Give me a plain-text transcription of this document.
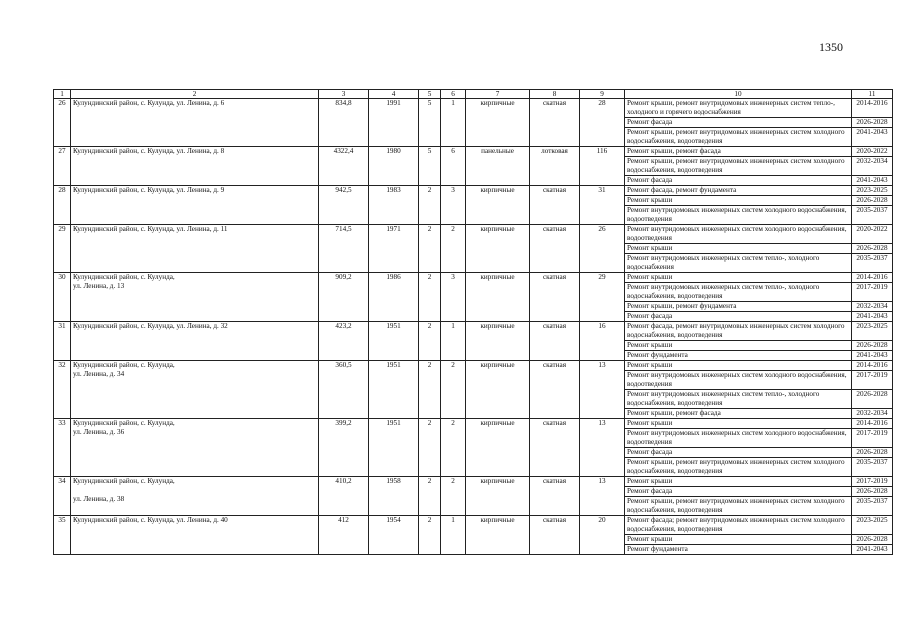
1350
1	2	3	4	5	6	7	8	9	10	11
26	Кулундинский район, с. Кулунда, ул. Ленина, д. 6	834,8	1991	5	1	кирпичные	скатная	28	Ремонт крыши, ремонт внутридомовых инженерных систем тепло-, холодного и горячего водоснабжения	2014-2016
									Ремонт фасада	2026-2028
									Ремонт крыши, ремонт внутридомовых инженерных систем холодного водоснабжения, водоотведения	2041-2043
27	Кулундинский район, с. Кулунда, ул. Ленина, д. 8	4322,4	1980	5	6	панельные	лотковая	116	Ремонт крыши, ремонт фасада	2020-2022
									Ремонт крыши, ремонт внутридомовых инженерных систем холодного водоснабжения, водоотведения	2032-2034
									Ремонт фасада	2041-2043
28	Кулундинский район, с. Кулунда, ул. Ленина, д. 9	942,5	1983	2	3	кирпичные	скатная	31	Ремонт фасада, ремонт фундамента	2023-2025
									Ремонт крыши	2026-2028
									Ремонт внутридомовых инженерных систем холодного водоснабжения, водоотведения	2035-2037
29	Кулундинский район, с. Кулунда, ул. Ленина, д. 11	714,5	1971	2	2	кирпичные	скатная	26	Ремонт внутридомовых инженерных систем холодного водоснабжения, водоотведения	2020-2022
									Ремонт крыши	2026-2028
									Ремонт внутридомовых инженерных систем тепло-, холодного водоснабжения	2035-2037
30	Кулундинский район, с. Кулунда,
ул. Ленина, д. 13	909,2	1986	2	3	кирпичные	скатная	29	Ремонт крыши	2014-2016
									Ремонт внутридомовых инженерных систем тепло-, холодного водоснабжения, водоотведения	2017-2019
									Ремонт крыши, ремонт фундамента	2032-2034
									Ремонт фасада	2041-2043
31	Кулундинский район, с. Кулунда, ул. Ленина, д. 32	423,2	1951	2	1	кирпичные	скатная	16	Ремонт фасада, ремонт внутридомовых инженерных систем холодного водоснабжения, водоотведения	2023-2025
									Ремонт крыши	2026-2028
									Ремонт фундамента	2041-2043
32	Кулундинский район, с. Кулунда,
ул. Ленина, д. 34	360,5	1951	2	2	кирпичные	скатная	13	Ремонт крыши	2014-2016
									Ремонт внутридомовых инженерных систем холодного водоснабжения, водоотведения	2017-2019
									Ремонт внутридомовых инженерных систем тепло-, холодного водоснабжения, водоотведения	2026-2028
									Ремонт крыши, ремонт фасада	2032-2034
33	Кулундинский район, с. Кулунда,
ул. Ленина, д. 36	399,2	1951	2	2	кирпичные	скатная	13	Ремонт крыши	2014-2016
									Ремонт внутридомовых инженерных систем холодного водоснабжения, водоотведения	2017-2019
									Ремонт фасада	2026-2028
									Ремонт крыши, ремонт внутридомовых инженерных систем холодного водоснабжения, водоотведения	2035-2037
34	Кулундинский район, с. Кулунда,

ул. Ленина, д. 38	410,2	1958	2	2	кирпичные	скатная	13	Ремонт крыши	2017-2019
									Ремонт фасада	2026-2028
									Ремонт крыши, ремонт внутридомовых инженерных систем холодного водоснабжения, водоотведения	2035-2037
35	Кулундинский район, с. Кулунда, ул. Ленина, д. 40	412	1954	2	1	кирпичные	скатная	20	Ремонт фасада; ремонт внутридомовых инженерных систем холодного водоснабжения, водоотведения	2023-2025
									Ремонт крыши	2026-2028
									Ремонт фундамента	2041-2043
